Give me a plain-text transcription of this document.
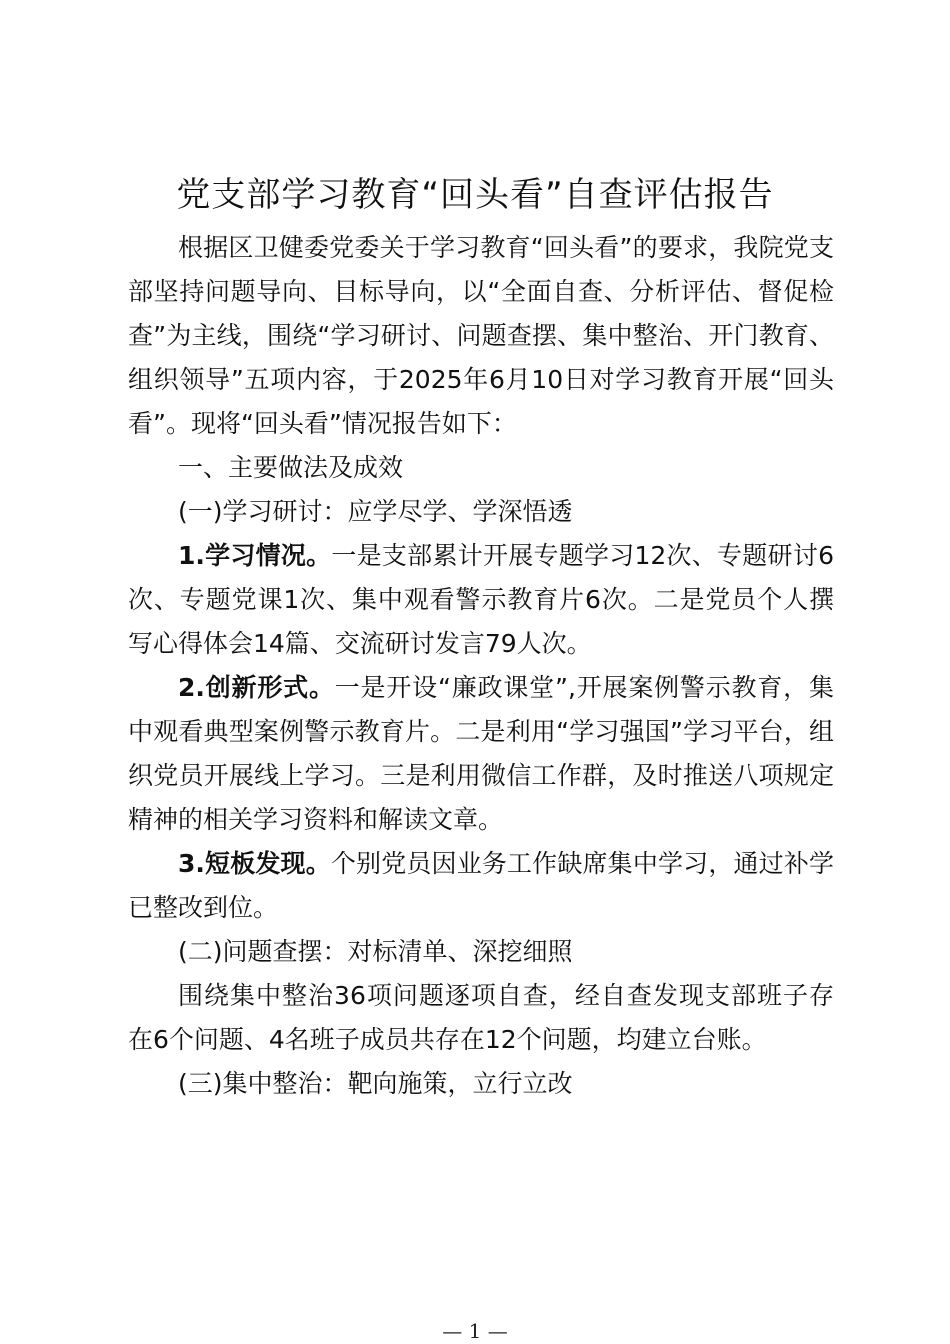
党支部学习教育“回头看”自查评估报告

根据区卫健委党委关于学习教育“回头看”的要求，我院党支部坚持问题导向、目标导向，以“全面自查、分析评估、督促检查”为主线，围绕“学习研讨、问题查摆、集中整治、开门教育、组织领导”五项内容，于2025年6月10日对学习教育开展“回头看”。现将“回头看”情况报告如下：

一、主要做法及成效

(一)学习研讨：应学尽学、学深悟透

1.学习情况。一是支部累计开展专题学习12次、专题研讨6次、专题党课1次、集中观看警示教育片6次。二是党员个人撰写心得体会14篇、交流研讨发言79人次。

2.创新形式。一是开设“廉政课堂”,开展案例警示教育，集中观看典型案例警示教育片。二是利用“学习强国”学习平台，组织党员开展线上学习。三是利用微信工作群，及时推送八项规定精神的相关学习资料和解读文章。

3.短板发现。个别党员因业务工作缺席集中学习，通过补学已整改到位。

(二)问题查摆：对标清单、深挖细照

围绕集中整治36项问题逐项自查，经自查发现支部班子存在6个问题、4名班子成员共存在12个问题，均建立台账。

(三)集中整治：靶向施策，立行立改

— 1 —
